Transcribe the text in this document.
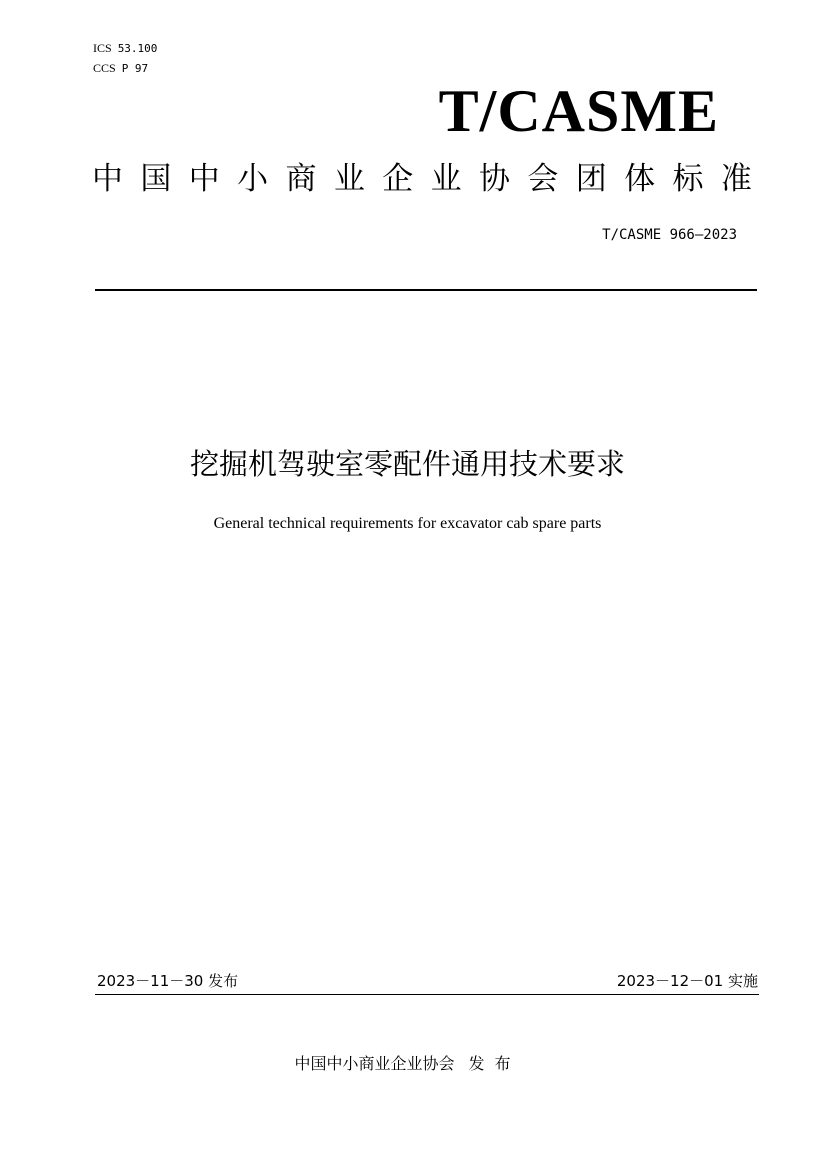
ICS 53.100
CCS P 97
T/CASME
中 国 中 小 商 业 企 业 协 会 团 体 标 准
T/CASME 966—2023
挖掘机驾驶室零配件通用技术要求
General technical requirements for excavator cab spare parts
2023－11－30 发布	2023－12－01 实施
中国中小商业企业协会 发布
